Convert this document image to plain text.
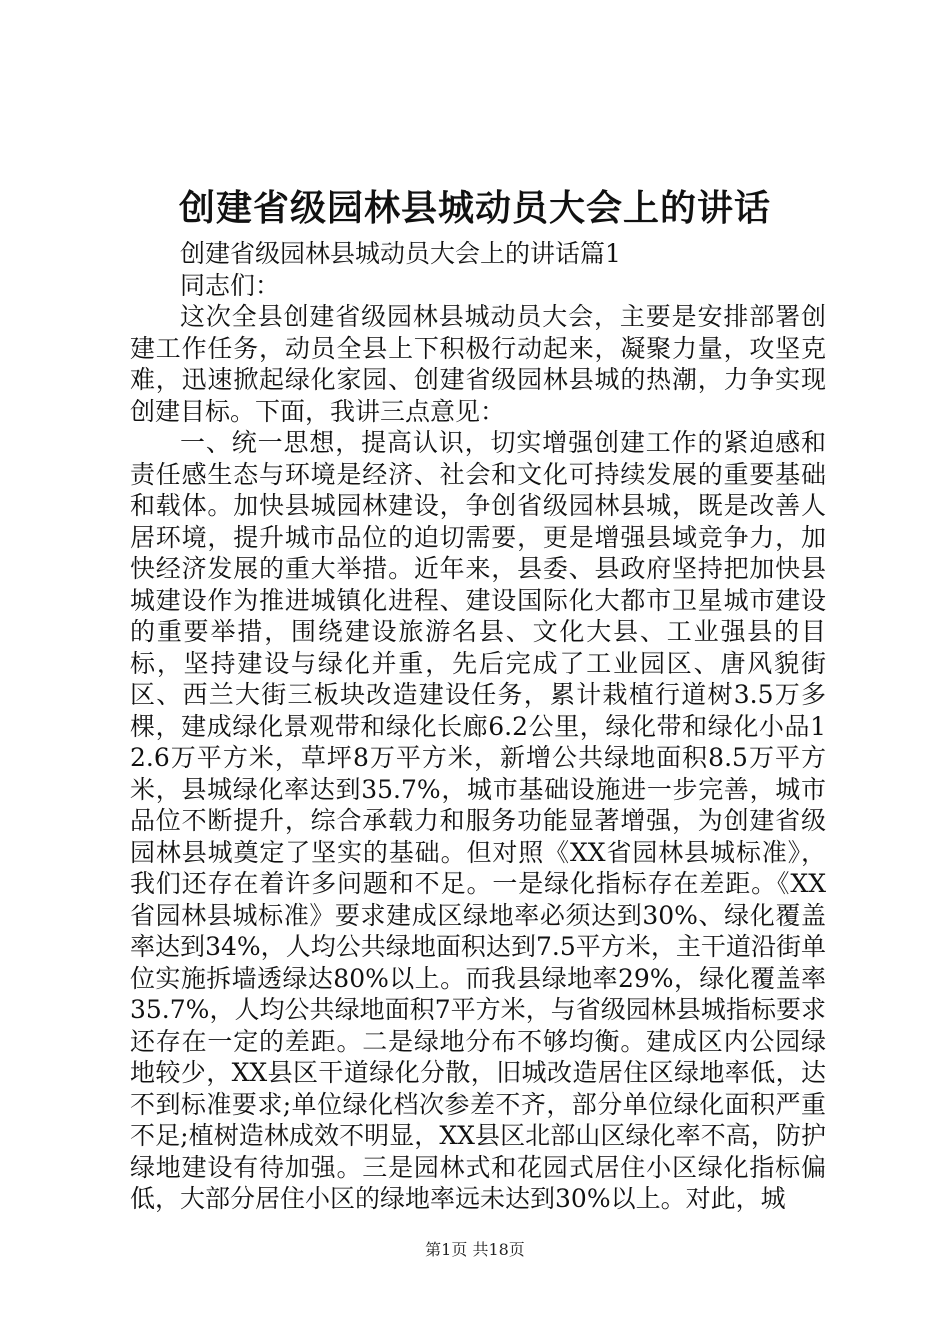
创建省级园林县城动员大会上的讲话

创建省级园林县城动员大会上的讲话篇1

同志们：

这次全县创建省级园林县城动员大会，主要是安排部署创建工作任务，动员全县上下积极行动起来，凝聚力量，攻坚克难，迅速掀起绿化家园、创建省级园林县城的热潮，力争实现创建目标。下面，我讲三点意见：

一、统一思想，提高认识，切实增强创建工作的紧迫感和责任感生态与环境是经济、社会和文化可持续发展的重要基础和载体。加快县城园林建设，争创省级园林县城，既是改善人居环境，提升城市品位的迫切需要，更是增强县域竞争力，加快经济发展的重大举措。近年来，县委、县政府坚持把加快县城建设作为推进城镇化进程、建设国际化大都市卫星城市建设的重要举措，围绕建设旅游名县、文化大县、工业强县的目标，坚持建设与绿化并重，先后完成了工业园区、唐风貌街区、西兰大街三板块改造建设任务，累计栽植行道树3.5万多棵，建成绿化景观带和绿化长廊6.2公里，绿化带和绿化小品12.6万平方米，草坪8万平方米，新增公共绿地面积8.5万平方米，县城绿化率达到35.7%，城市基础设施进一步完善，城市品位不断提升，综合承载力和服务功能显著增强，为创建省级园林县城奠定了坚实的基础。但对照《XX省园林县城标准》，我们还存在着许多问题和不足。一是绿化指标存在差距。《XX省园林县城标准》要求建成区绿地率必须达到30%、绿化覆盖率达到34%，人均公共绿地面积达到7.5平方米，主干道沿街单位实施拆墙透绿达80%以上。而我县绿地率29%，绿化覆盖率35.7%，人均公共绿地面积7平方米，与省级园林县城指标要求还存在一定的差距。二是绿地分布不够均衡。建成区内公园绿地较少，XX县区干道绿化分散，旧城改造居住区绿地率低，达不到标准要求;单位绿化档次参差不齐，部分单位绿化面积严重不足;植树造林成效不明显，XX县区北部山区绿化率不高，防护绿地建设有待加强。三是园林式和花园式居住小区绿化指标偏低，大部分居住小区的绿地率远未达到30%以上。对此，城

第1页 共18页
